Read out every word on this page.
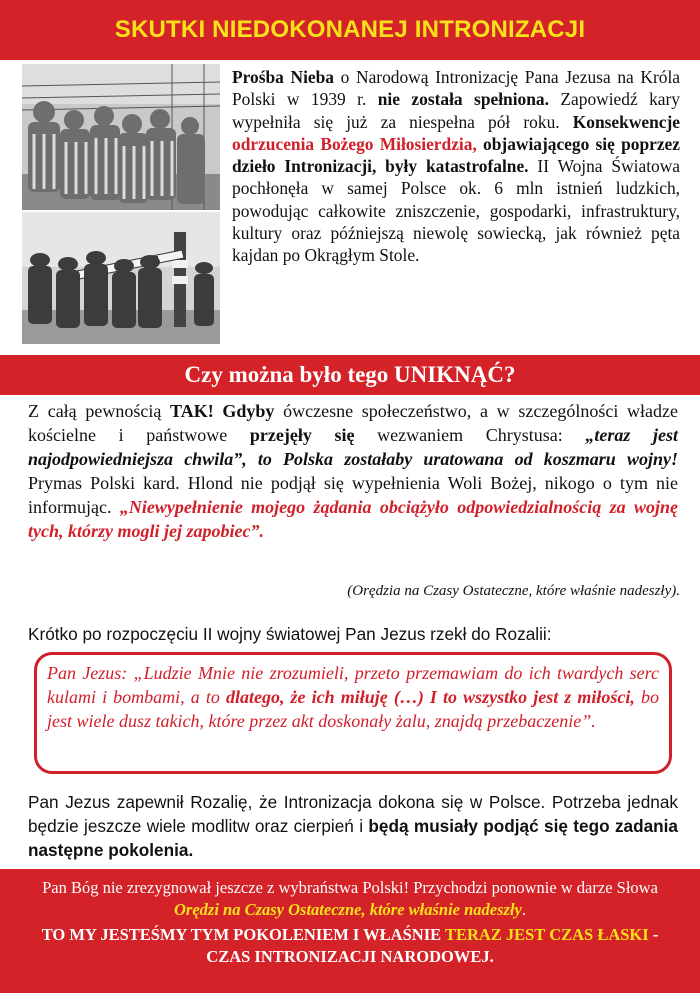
SKUTKI NIEDOKONANEJ INTRONIZACJI

Prośba Nieba o Narodową Intronizację Pana Jezusa na Króla Polski w 1939 r. nie została spełniona. Zapowiedź kary wypełniła się już za niespełna pół roku. Konsekwencje odrzucenia Bożego Miłosierdzia, objawiającego się poprzez dzieło Intronizacji, były katastrofalne. II Wojna Światowa pochłonęła w samej Polsce ok. 6 mln istnień ludzkich, powodując całkowite zniszczenie, gospodarki, infrastruktury, kultury oraz późniejszą niewolę sowiecką, jak również pęta kajdan po Okrągłym Stole.

Czy można było tego UNIKNĄĆ?

Z całą pewnością TAK! Gdyby ówczesne społeczeństwo, a w szczególności władze kościelne i państwowe przejęły się wezwaniem Chrystusa: „teraz jest najodpowiedniejsza chwila”, to Polska zostałaby uratowana od koszmaru wojny! Prymas Polski kard. Hlond nie podjął się wypełnienia Woli Bożej, nikogo o tym nie informując. „Niewypełnienie mojego żądania obciążyło odpowiedzialnością za wojnę tych, którzy mogli jej zapobiec”.

(Orędzia na Czasy Ostateczne, które właśnie nadeszły).
Krótko po rozpoczęciu II wojny światowej Pan Jezus rzekł do Rozalii:

Pan Jezus: „Ludzie Mnie nie zrozumieli, przeto przemawiam do ich twardych serc kulami i bombami, a to dlatego, że ich miłuję (…) I to wszystko jest z miłości, bo jest wiele dusz takich, które przez akt doskonały żalu, znajdą przebaczenie”.

Pan Jezus zapewnił Rozalię, że Intronizacja dokona się w Polsce. Potrzeba jednak będzie jeszcze wiele modlitw oraz cierpień i będą musiały podjąć się tego zadania następne pokolenia.

Pan Bóg nie zrezygnował jeszcze z wybraństwa Polski! Przychodzi ponownie w darze Słowa Orędzi na Czasy Ostateczne, które właśnie nadeszły.

TO MY JESTEŚMY TYM POKOLENIEM I WŁAŚNIE TERAZ JEST CZAS ŁASKI - CZAS INTRONIZACJI NARODOWEJ.
